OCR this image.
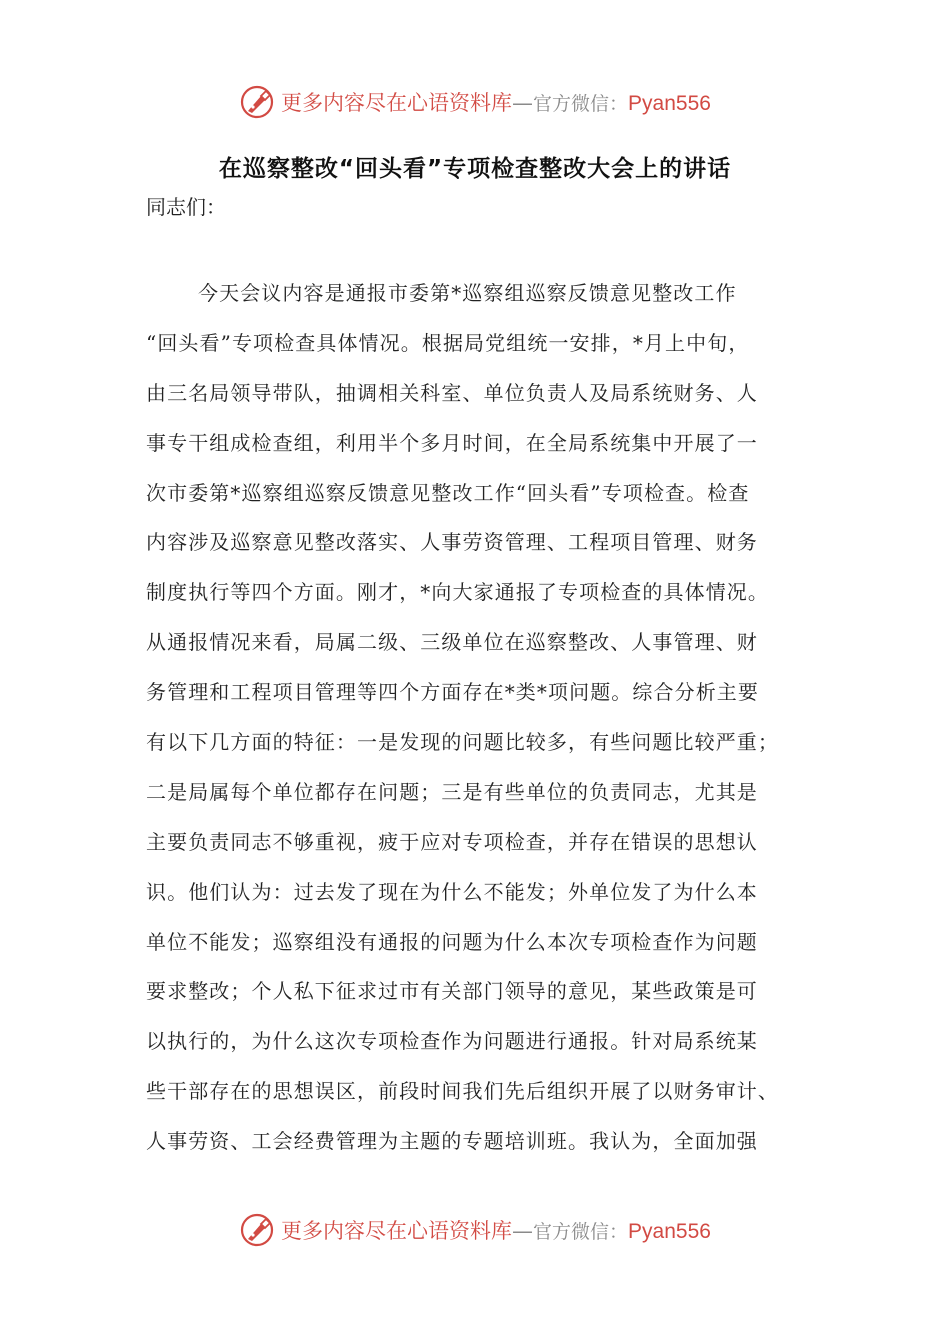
更多内容尽在心语资料库—官方微信：Pyan556
在巡察整改“回头看”专项检查整改大会上的讲话
同志们：
今天会议内容是通报市委第*巡察组巡察反馈意见整改工作
“回头看”专项检查具体情况。根据局党组统一安排，*月上中旬，
由三名局领导带队，抽调相关科室、单位负责人及局系统财务、人
事专干组成检查组，利用半个多月时间，在全局系统集中开展了一
次市委第*巡察组巡察反馈意见整改工作“回头看”专项检查。检查
内容涉及巡察意见整改落实、人事劳资管理、工程项目管理、财务
制度执行等四个方面。刚才，*向大家通报了专项检查的具体情况。
从通报情况来看，局属二级、三级单位在巡察整改、人事管理、财
务管理和工程项目管理等四个方面存在*类*项问题。综合分析主要
有以下几方面的特征：一是发现的问题比较多，有些问题比较严重；
二是局属每个单位都存在问题；三是有些单位的负责同志，尤其是
主要负责同志不够重视，疲于应对专项检查，并存在错误的思想认
识。他们认为：过去发了现在为什么不能发；外单位发了为什么本
单位不能发；巡察组没有通报的问题为什么本次专项检查作为问题
要求整改；个人私下征求过市有关部门领导的意见，某些政策是可
以执行的，为什么这次专项检查作为问题进行通报。针对局系统某
些干部存在的思想误区，前段时间我们先后组织开展了以财务审计、
人事劳资、工会经费管理为主题的专题培训班。我认为，全面加强
更多内容尽在心语资料库—官方微信：Pyan556
